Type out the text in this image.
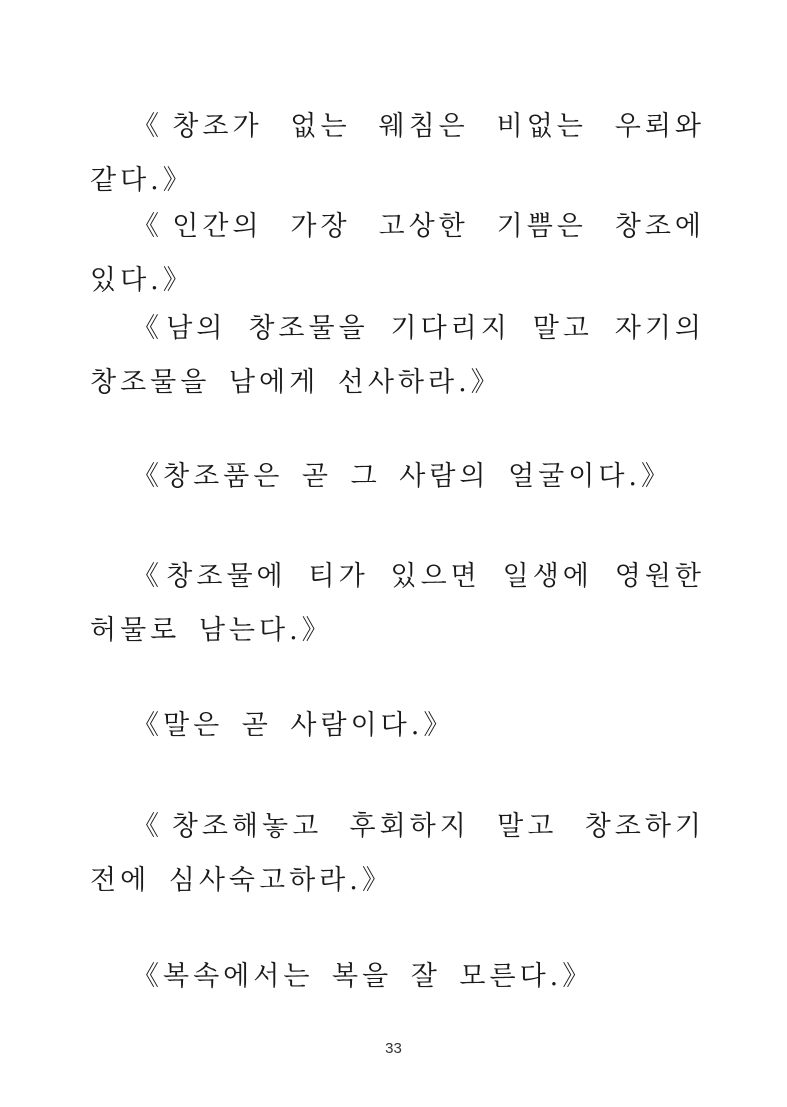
《창조가 없는 웨침은 비없는 우뢰와 같다.》

《인간의 가장 고상한 기쁨은 창조에 있다.》

《남의 창조물을 기다리지 말고 자기의 창조물을 남에게 선사하라.》

《창조품은 곧 그 사람의 얼굴이다.》

《창조물에 티가 있으면 일생에 영원한 허물로 남는다.》

《말은 곧 사람이다.》

《창조해놓고 후회하지 말고 창조하기 전에 심사숙고하라.》

《복속에서는 복을 잘 모른다.》

33
